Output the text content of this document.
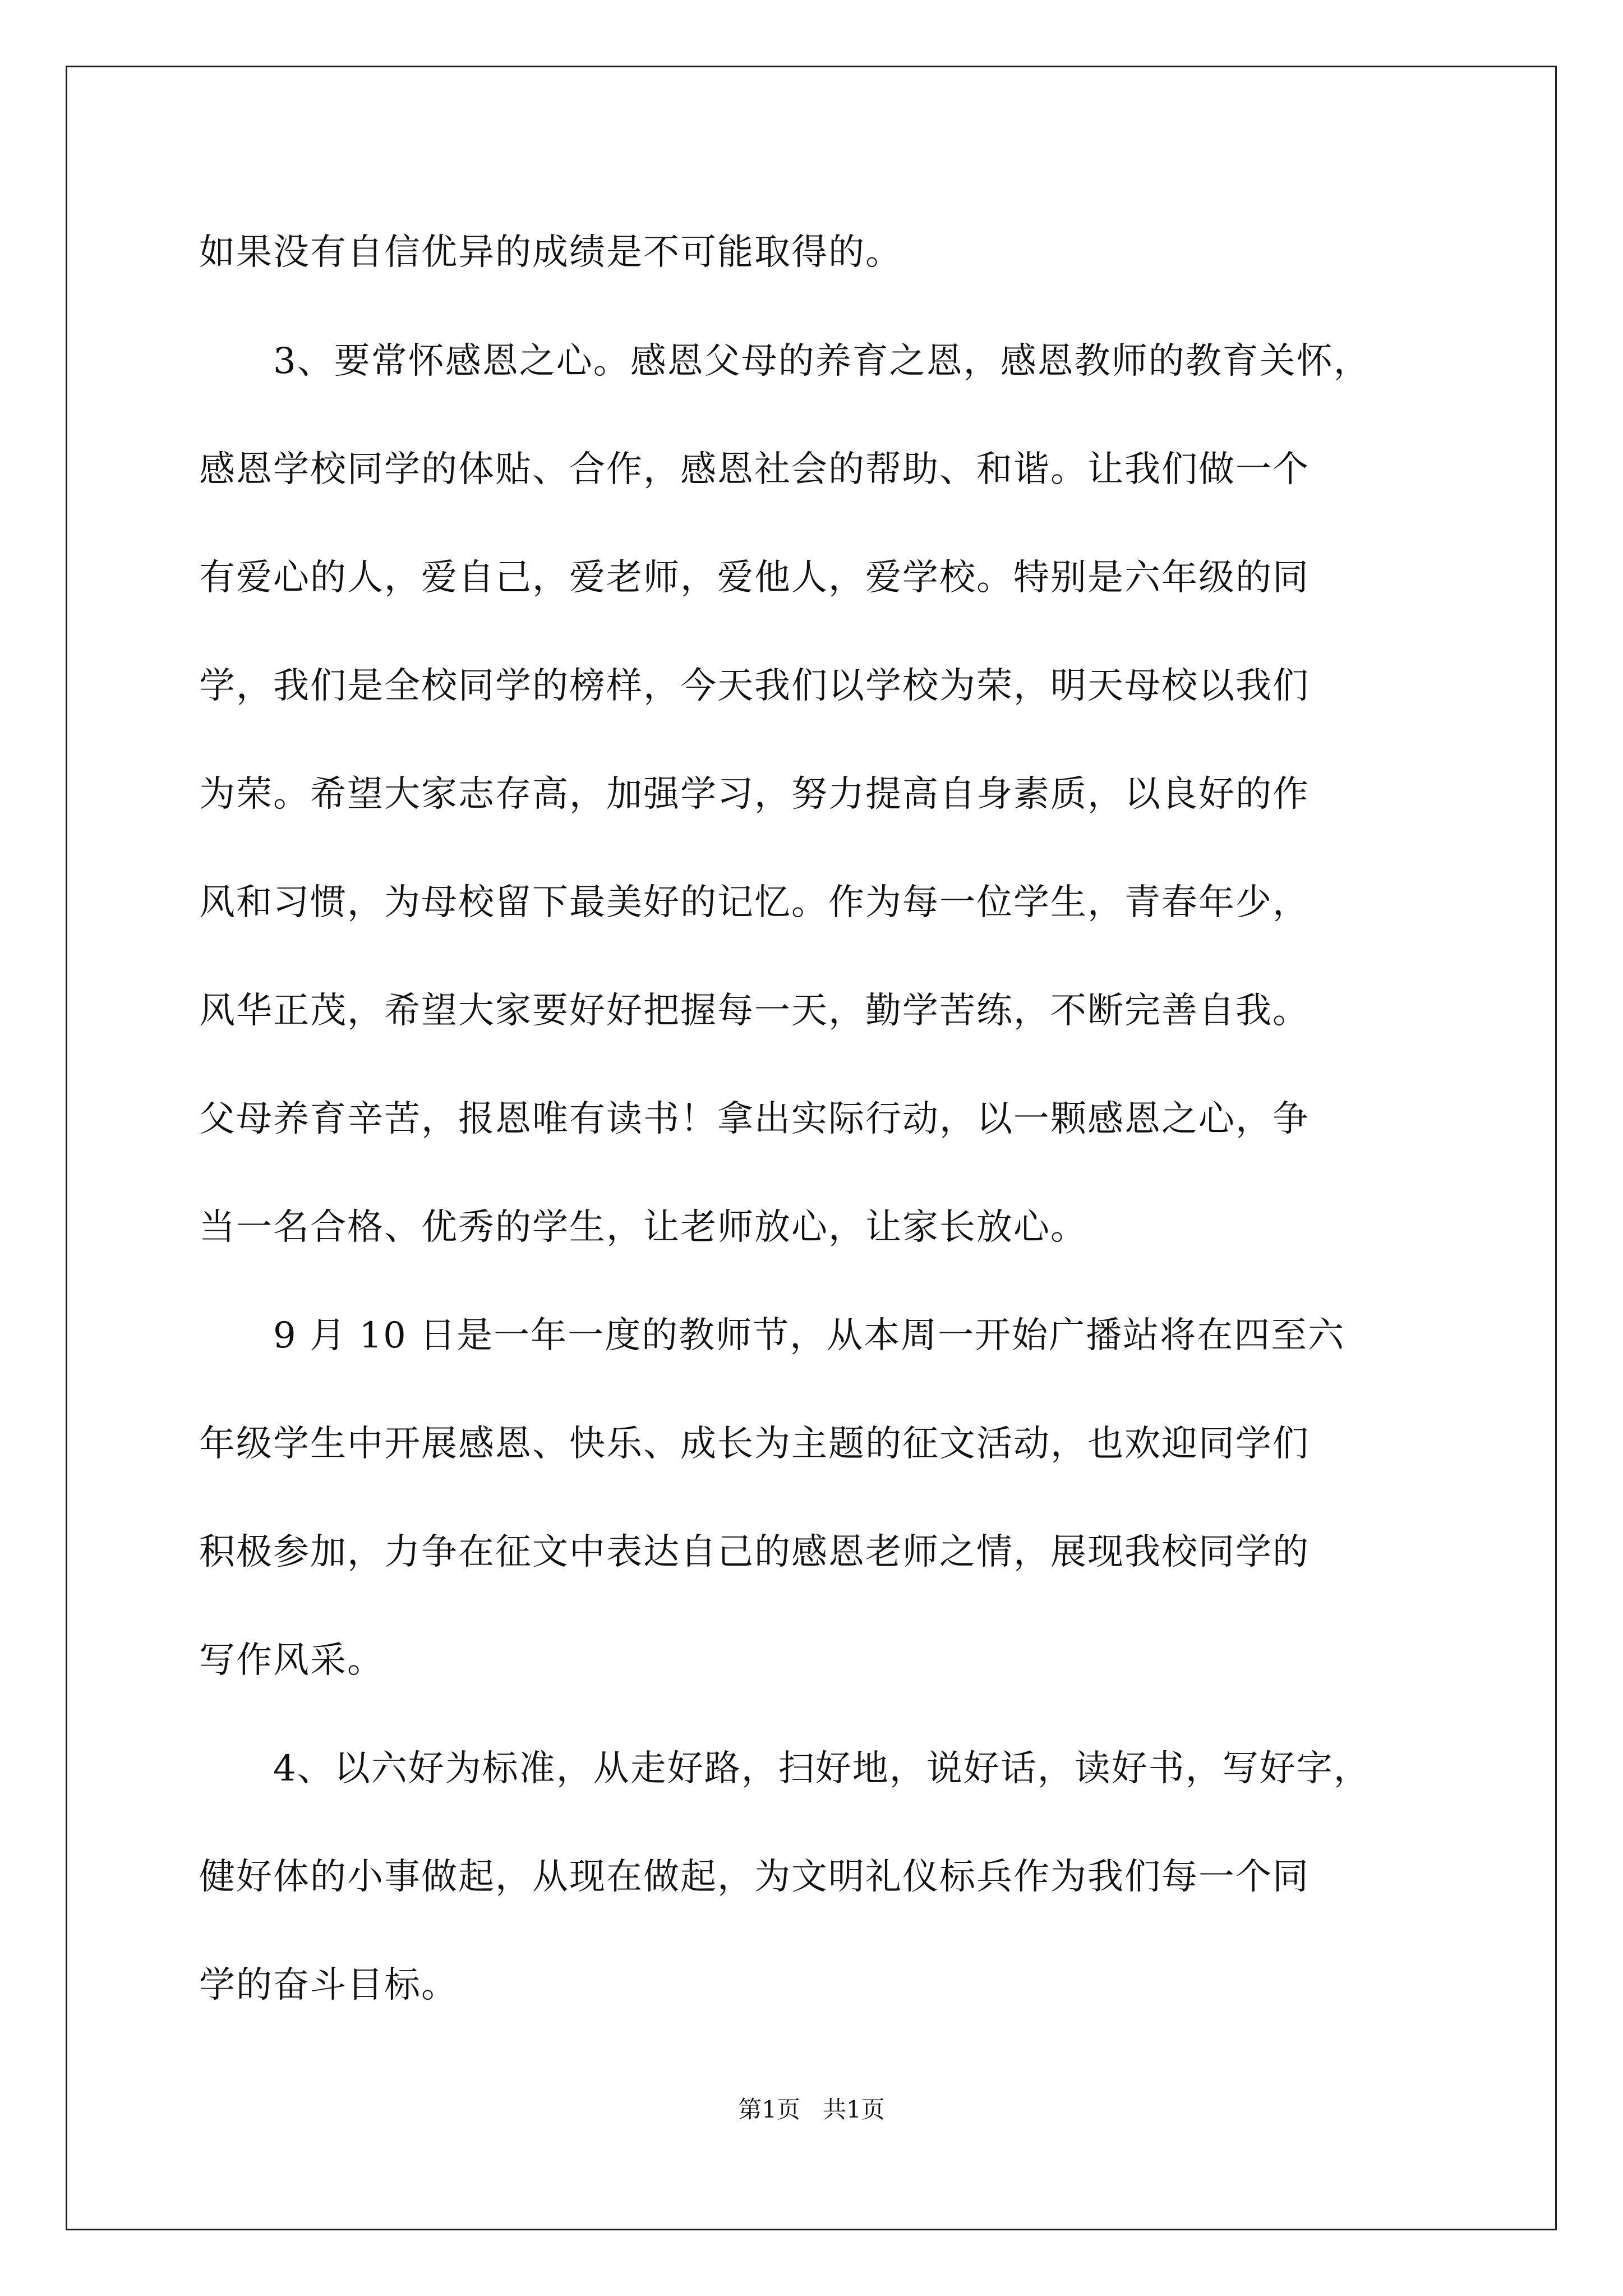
如果没有自信优异的成绩是不可能取得的。
　　3、要常怀感恩之心。感恩父母的养育之恩，感恩教师的教育关怀，
感恩学校同学的体贴、合作，感恩社会的帮助、和谐。让我们做一个
有爱心的人，爱自己，爱老师，爱他人，爱学校。特别是六年级的同
学，我们是全校同学的榜样，今天我们以学校为荣，明天母校以我们
为荣。希望大家志存高，加强学习，努力提高自身素质，以良好的作
风和习惯，为母校留下最美好的记忆。作为每一位学生，青春年少，
风华正茂，希望大家要好好把握每一天，勤学苦练，不断完善自我。
父母养育辛苦，报恩唯有读书！拿出实际行动，以一颗感恩之心，争
当一名合格、优秀的学生，让老师放心，让家长放心。
　　9 月 10 日是一年一度的教师节，从本周一开始广播站将在四至六
年级学生中开展感恩、快乐、成长为主题的征文活动，也欢迎同学们
积极参加，力争在征文中表达自己的感恩老师之情，展现我校同学的
写作风采。
　　4、以六好为标准，从走好路，扫好地，说好话，读好书，写好字，
健好体的小事做起，从现在做起，为文明礼仪标兵作为我们每一个同
学的奋斗目标。
第1页   共1页
